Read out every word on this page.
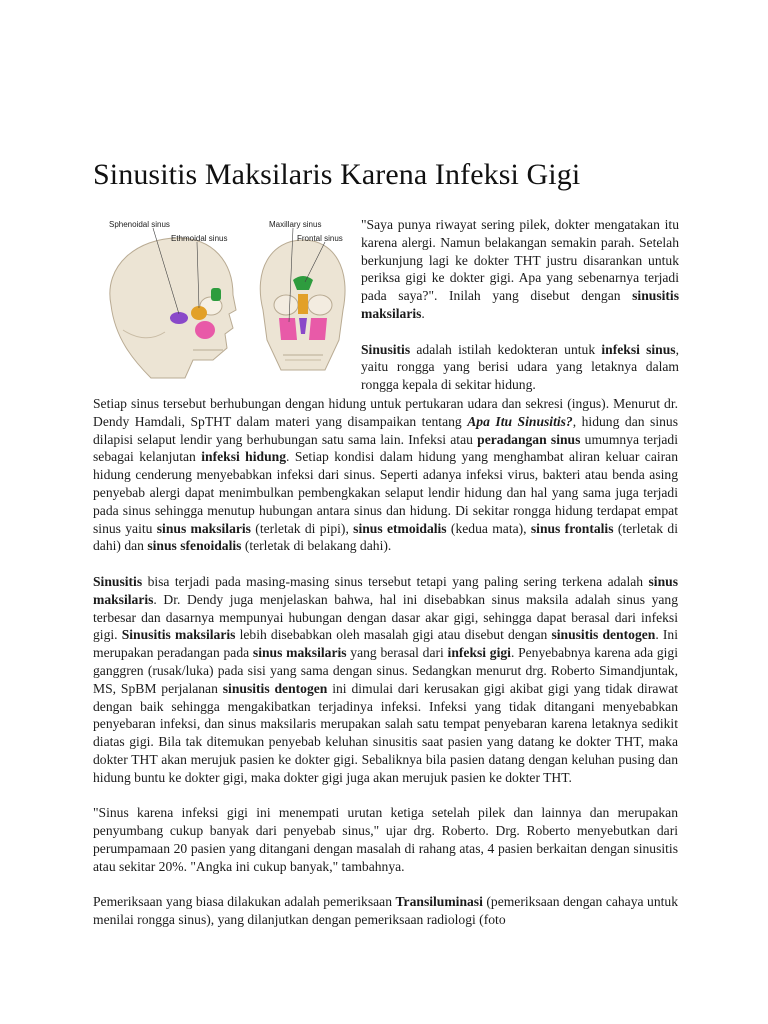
Sinusitis Maksilaris Karena Infeksi Gigi
Sphenoidal sinus
Ethmoidal sinus
Maxillary sinus
Frontal sinus

"Saya punya riwayat sering pilek, dokter mengatakan itu karena alergi. Namun belakangan semakin parah. Setelah berkunjung lagi ke dokter THT justru disarankan untuk periksa gigi ke dokter gigi. Apa yang sebenarnya terjadi pada saya?". Inilah yang disebut dengan sinusitis maksilaris.

Sinusitis adalah istilah kedokteran untuk infeksi sinus, yaitu rongga yang berisi udara yang letaknya dalam rongga kepala di sekitar hidung.

Setiap sinus tersebut berhubungan dengan hidung untuk pertukaran udara dan sekresi (ingus). Menurut dr. Dendy Hamdali, SpTHT dalam materi yang disampaikan tentang Apa Itu Sinusitis?, hidung dan sinus dilapisi selaput lendir yang berhubungan satu sama lain. Infeksi atau peradangan sinus umumnya terjadi sebagai kelanjutan infeksi hidung. Setiap kondisi dalam hidung yang menghambat aliran keluar cairan hidung cenderung menyebabkan infeksi dari sinus. Seperti adanya infeksi virus, bakteri atau benda asing penyebab alergi dapat menimbulkan pembengkakan selaput lendir hidung dan hal yang sama juga terjadi pada sinus sehingga menutup hubungan antara sinus dan hidung. Di sekitar rongga hidung terdapat empat sinus yaitu sinus maksilaris (terletak di pipi), sinus etmoidalis (kedua mata), sinus frontalis (terletak di dahi) dan sinus sfenoidalis (terletak di belakang dahi).

Sinusitis bisa terjadi pada masing-masing sinus tersebut tetapi yang paling sering terkena adalah sinus maksilaris. Dr. Dendy juga menjelaskan bahwa, hal ini disebabkan sinus maksila adalah sinus yang terbesar dan dasarnya mempunyai hubungan dengan dasar akar gigi, sehingga dapat berasal dari infeksi gigi. Sinusitis maksilaris lebih disebabkan oleh masalah gigi atau disebut dengan sinusitis dentogen. Ini merupakan peradangan pada sinus maksilaris yang berasal dari infeksi gigi. Penyebabnya karena ada gigi ganggren (rusak/luka) pada sisi yang sama dengan sinus. Sedangkan menurut drg. Roberto Simandjuntak, MS, SpBM perjalanan sinusitis dentogen ini dimulai dari kerusakan gigi akibat gigi yang tidak dirawat dengan baik sehingga mengakibatkan terjadinya infeksi. Infeksi yang tidak ditangani menyebabkan penyebaran infeksi, dan sinus maksilaris merupakan salah satu tempat penyebaran karena letaknya sedikit diatas gigi. Bila tak ditemukan penyebab keluhan sinusitis saat pasien yang datang ke dokter THT, maka dokter THT akan merujuk pasien ke dokter gigi. Sebaliknya bila pasien datang dengan keluhan pusing dan hidung buntu ke dokter gigi, maka dokter gigi juga akan merujuk pasien ke dokter THT.

"Sinus karena infeksi gigi ini menempati urutan ketiga setelah pilek dan lainnya dan merupakan penyumbang cukup banyak dari penyebab sinus," ujar drg. Roberto. Drg. Roberto menyebutkan dari perumpamaan 20 pasien yang ditangani dengan masalah di rahang atas, 4 pasien berkaitan dengan sinusitis atau sekitar 20%. "Angka ini cukup banyak," tambahnya.

Pemeriksaan yang biasa dilakukan adalah pemeriksaan Transiluminasi (pemeriksaan dengan cahaya untuk menilai rongga sinus), yang dilanjutkan dengan pemeriksaan radiologi (foto
